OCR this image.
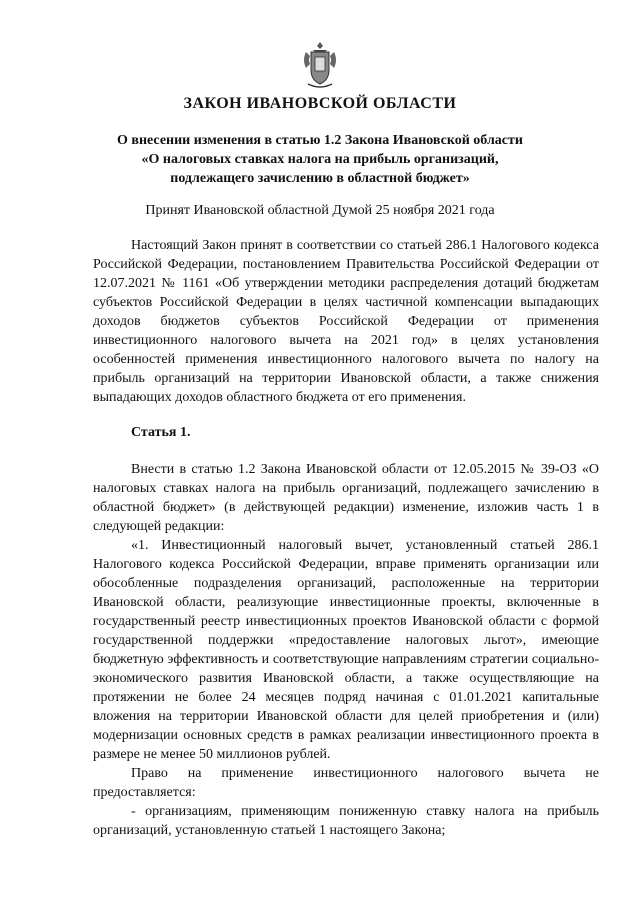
ЗАКОН ИВАНОВСКОЙ ОБЛАСТИ
О внесении изменения в статью 1.2 Закона Ивановской области
«О налоговых ставках налога на прибыль организаций,
подлежащего зачислению в областной бюджет»
Принят Ивановской областной Думой 25 ноября 2021 года

Настоящий Закон принят в соответствии со статьей 286.1 Налогового кодекса Российской Федерации, постановлением Правительства Российской Федерации от 12.07.2021 № 1161 «Об утверждении методики распределения дотаций бюджетам субъектов Российской Федерации в целях частичной компенсации выпадающих доходов бюджетов субъектов Российской Федерации от применения инвестиционного налогового вычета на 2021 год» в целях установления особенностей применения инвестиционного налогового вычета по налогу на прибыль организаций на территории Ивановской области, а также снижения выпадающих доходов областного бюджета от его применения.

Статья 1.

Внести в статью 1.2 Закона Ивановской области от 12.05.2015 № 39-ОЗ «О налоговых ставках налога на прибыль организаций, подлежащего зачислению в областной бюджет» (в действующей редакции) изменение, изложив часть 1 в следующей редакции:

«1. Инвестиционный налоговый вычет, установленный статьей 286.1 Налогового кодекса Российской Федерации, вправе применять организации или обособленные подразделения организаций, расположенные на территории Ивановской области, реализующие инвестиционные проекты, включенные в государственный реестр инвестиционных проектов Ивановской области с формой государственной поддержки «предоставление налоговых льгот», имеющие бюджетную эффективность и соответствующие направлениям стратегии социально-экономического развития Ивановской области, а также осуществляющие на протяжении не более 24 месяцев подряд начиная с 01.01.2021 капитальные вложения на территории Ивановской области для целей приобретения и (или) модернизации основных средств в рамках реализации инвестиционного проекта в размере не менее 50 миллионов рублей.

Право на применение инвестиционного налогового вычета не предоставляется:

- организациям, применяющим пониженную ставку налога на прибыль организаций, установленную статьей 1 настоящего Закона;
